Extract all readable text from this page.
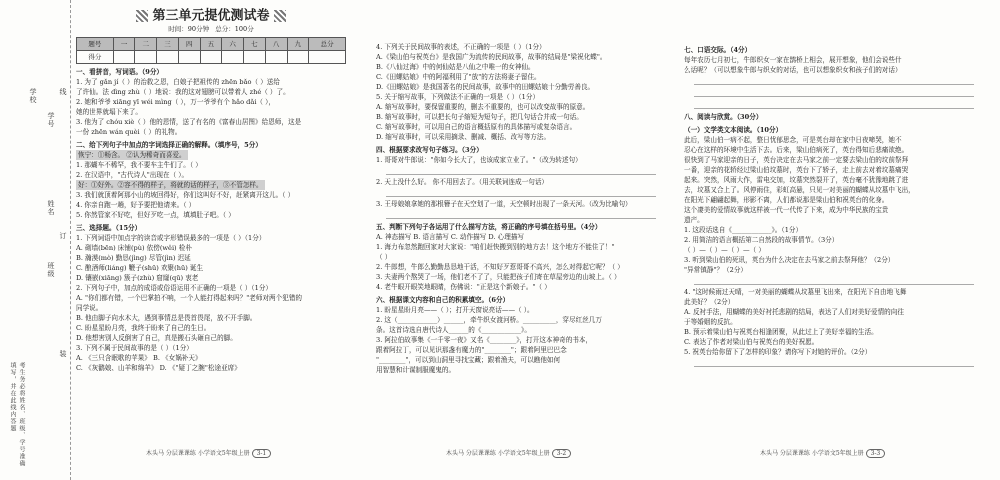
学校
学号
姓名
班级
线
订
装
考生务必将姓名、班级、学号准确填写，并在此线内答题
第三单元提优测试卷
时间：90分钟 总分：100分
题号	一	二	三	四	五	六	七	八	九	总分
得分										

一、看拼音，写词语。（9分）

1. 为了 gǎn jí（ ）的治救之恩，白娘子把祖传的 zhēn bǎo（ ）送给

了许仙。法 dìng zhù（ ）地说：我的这对翅膀可以带着人 zhé（ ）了。

2. 她和爷爷 xiāng yī wéi mìng（ ），万一爷爷有个 hǎo dǎi（ ），

她的世界就塌下来了。

3. 他为了 chóu xiè（ ）他的恩情，送了有名的《富春山居图》给恩师，这是

一份 zhēn wán quèi（ ）的礼物。

二、给下列句子中加点的字词选择正确的解释。（填序号，5分）

恢宁：①畅含。 ②认为稀奇而喜爱。

1. 那蝴车不稀罕，我不要车主牛们了。（ ）

2. 在汉语中，"古代诗人"出现在（ ）。

好：①好外。②容不得的样子，将就的话的样子，③不管怎样。

3. 我们就顶着阿那小山的坡回得好，你们这叫好不好，赶紧离开这儿。（ ）

4. 你亲自跑一趟，好予要把他请来。（ ）

5. 你然管家不好吃，但好歹吃一点，填填肚子吧。（ ）

三、选择题。（15分）

1. 下列词语中加点字的读音或字形错误最多的一项是（ ）（1分）

A. 砌墙(bēn) 床铺(pù) 依傍(wěi) 检朴

B. 瀚漠(mò) 勤恳(jìng) 尽管(jìn) 迟延

C. 酿酒师(liáng) 鞭子(shū) 欢聚(hū) 诞生

D. 镶嵌(xiāng) 簇子(zhù) 窟窿(qū) 衷老

2. 下列句子中，加点的成语或俗语运用不正确的一项是（ ）（1分）

A. "你们都有错，一个巴掌拍不响，一个人能打得起来吗？"老师对两个犯错的

同学说。

B. 他由脚子向水木大，遇到事情总是畏首畏尾，放不开手脚。

C. 盼星星盼月亮，我终于盼来了自己的生日。

D. 他想害别人反倒害了自己，真是搬石头砸自己的脚。

3. 下列不属于民间故事的是（ ）（1分）

A. 《三只含眠歌的苹果》 B. 《女娲补天》

C. 《灰鹳娘、山羊和绵羊》 D. 《"疑丁之腕"松途亚席》

4. 下列关于民间故事的表述，不正确的一项是（ ）（1分）

A.《梁山伯与祝英台》是我国广为流传的民间故事，故事的结局是"梁祝化蝶"。

B.《八仙过海》中的何仙姑是八仙之中唯一的女神仙。

C.《田螺姑娘》中的阿福利用了"放"的方法将妻子留住。

D.《田螺姑娘》是我国著名的民间故事，故事中的田螺姑娘十分勤劳善良。

5. 关于缩写故事，下列做法不正确的一项是（ ）（1分）

A. 缩写故事时，要保留重要的，删去不重要的，也可以改变故事的原意。

B. 缩写故事时，可以把长句子缩短为短句子，把几句话合并成一句话。

C. 缩写故事时，可以用自己的语言概括原有的具体描写或复杂语言。

D. 缩写故事时，可以采用摘录、删减、概括、改写等方法。

四、根据要求改写句子练习。（3分）

1. 哥哥对牛郎说："你如今长大了，也该成家立业了。"（改为转述句）

2. 天上没什么好。 你不用回去了。（用关联词连成一句话）

3. 王母娘娘拿她的那根簪子在天空划了一道，天空顿时出现了一条天河。（改为比喻句）

五、判断下列句子各运用了什么描写方法，将正确的序号填在括号里。（4分）

A. 神态描写 B. 语言描写 C. 动作描写 D. 心理描写

1. 海力布忽然跑回家对大家说："咱们赶快搬到别的地方去！这个地方不能住了！"

（ ）

2. 牛郎想，牛郎么勤勤恳恳地干活，不知好歹惹哥哥不高兴，怎么对得起它呢？（ ）

3. 夫妻两个熬哭了一场，他们老不了了，只能把孩子们寄在草屋旁边的山坡上。（ ）

4. 老牛眼开眼笑地眼睛，伤佛说："正是这个新娘子。"（ ）

六、根据课文内容和自己的积累填空。（6分）

1. 盼星星盼月亮——（ ）；打开天窗说亮话——（ ）。

2. 这（____________）______，牵牛织女渡河桥。__________，穿尽红丝几万

条。这首诗选自唐代诗人______的《____________》。

3. 阿拉伯故事集《一千零一夜》又名《________》，打开这本神奇的书本，

跟着阿拉丁，可以见识那盏有魔力的"________"；跟着阿里巴巴念

"________"，可以到山洞里寻找宝藏；跟着渔夫，可以瞧他如何

用智慧和计谋制服魔鬼的。

七、口语交际。（4分）

每年农历七月初七，牛郎织女一家在鹊桥上相会，展开想象，他们会说些什

么话呢？（可以想象牛郎与织女的对话，也可以想象织女和孩子们的对话）

八、阅读与欣赏。（30分）

（一）文学类文本阅读。（10分）

此后，梁山伯一病不起，整日忧郁思念，可是英台却在家中日夜啼哭，她不

忍心在这样的环境中生活下去。后来，梁山伯病死了，英台得知后悲痛欲绝。

很快到了马家迎亲的日子，英台决定在去马家之前一定要去梁山伯的坟前祭拜

一番，迎亲的花轿经过梁山伯坟墓时，英台下了轿子，走上前去对着坟墓痛哭

起来。突然，风雨大作，雷电交加，坟墓突然裂开了，英台毫不犹豫地跳了进

去，坟墓又合上了。风停雨住，彩虹高悬，只见一对美丽的蝴蝶从坟墓中飞出，

在阳光下翩翩起舞，形影不离，人们都说那是梁山伯和祝英台的化身。

这个凄美的爱情故事就这样被一代一代传了下来，成为中华民族的宝贵

遗产。

1. 这段话选自《____________》。（1分）

2. 用简洁的语言概括第二自然段的故事情节。（3分）

（ ）—（ ）—（ ）—（ ）

3. 听到梁山伯的死讯，英台为什么决定在去马家之前去祭拜他？（2分）

"异常镇静"？（2分）

4. "这时候雨过天晴，一对美丽的蝴蝶从坟墓里飞出来，在阳光下自由地飞舞

此美好？（2分）

A. 反衬手法，用蝴蝶的美好衬托悲剧的结局，表达了人们对美好爱情的向往

于等婚姻的反抗。

B. 预示着梁山伯与祝英台相逢团聚，从此过上了美好幸福的生活。

C. 表达了作者对梁山伯与祝英台的美好祝愿。

5. 祝英台给你留下了怎样的印象？请你写下对她的评价。（2分）

木头马 分层课课练 小学语文5年级上册 3-1	木头马 分层课课练 小学语文5年级上册 3-2	木头马 分层课课练 小学语文5年级上册 3-3
